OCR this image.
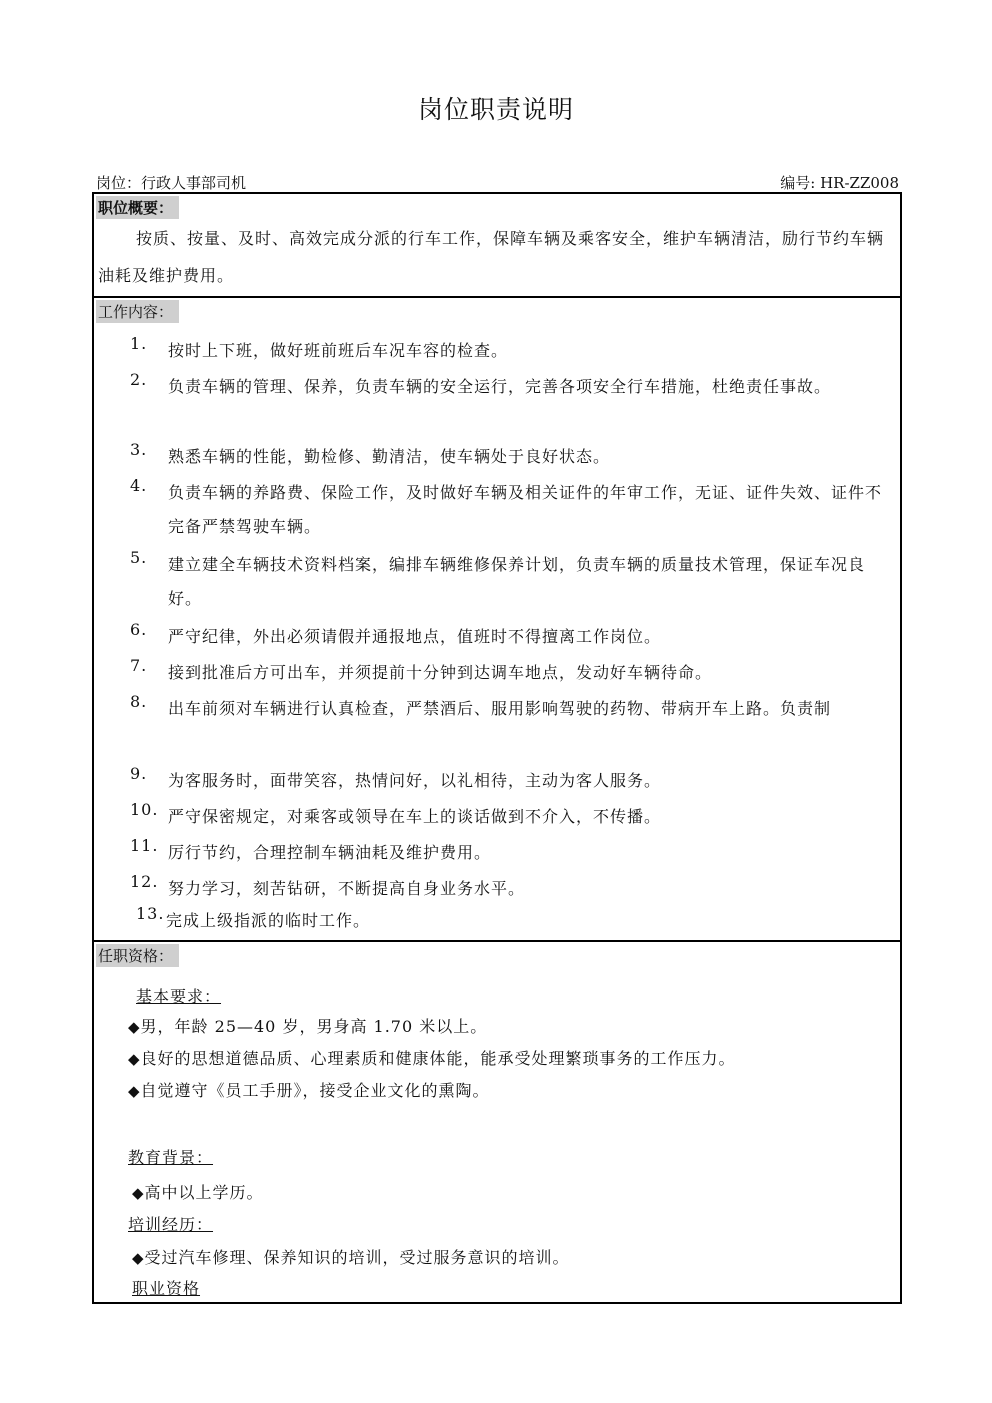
岗位职责说明
岗位：行政人事部司机	编号: HR-ZZ008
职位概要：
按质、按量、及时、高效完成分派的行车工作，保障车辆及乘客安全，维护车辆清洁，励行节约车辆油耗及维护费用。
工作内容：
1. 按时上下班，做好班前班后车况车容的检查。
2. 负责车辆的管理、保养，负责车辆的安全运行，完善各项安全行车措施，杜绝责任事故。
3. 熟悉车辆的性能，勤检修、勤清洁，使车辆处于良好状态。
4. 负责车辆的养路费、保险工作，及时做好车辆及相关证件的年审工作，无证、证件失效、证件不完备严禁驾驶车辆。
5. 建立建全车辆技术资料档案，编排车辆维修保养计划，负责车辆的质量技术管理，保证车况良好。
6. 严守纪律，外出必须请假并通报地点，值班时不得擅离工作岗位。
7. 接到批准后方可出车，并须提前十分钟到达调车地点，发动好车辆待命。
8. 出车前须对车辆进行认真检查，严禁酒后、服用影响驾驶的药物、带病开车上路。负责制
9. 为客服务时，面带笑容，热情问好，以礼相待，主动为客人服务。
10. 严守保密规定，对乘客或领导在车上的谈话做到不介入，不传播。
11. 厉行节约，合理控制车辆油耗及维护费用。
12. 努力学习，刻苦钻研，不断提高自身业务水平。
13. 完成上级指派的临时工作。
任职资格：
基本要求：
◆男，年龄 25—40 岁，男身高 1.70 米以上。
◆良好的思想道德品质、心理素质和健康体能，能承受处理繁琐事务的工作压力。
◆自觉遵守《员工手册》，接受企业文化的熏陶。
教育背景：
◆高中以上学历。
培训经历：
◆受过汽车修理、保养知识的培训，受过服务意识的培训。
职业资格
